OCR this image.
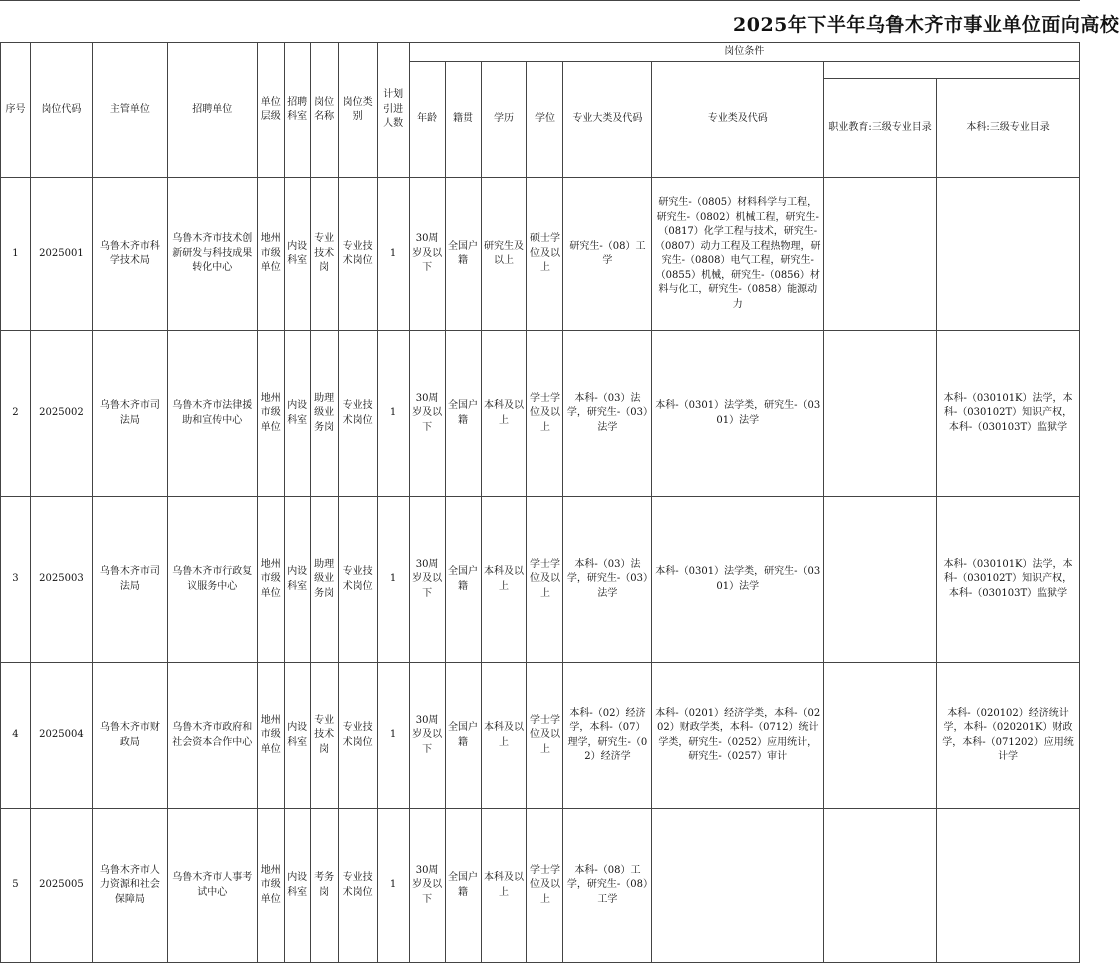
2025年下半年乌鲁木齐市事业单位面向高校
序号	岗位代码	主管单位	招聘单位	单位层级	招聘科室	岗位名称	岗位类别	计划引进人数	岗位条件							
									年龄	籍贯	学历	学位	专业大类及代码	专业类及代码		
															职业教育:三级专业目录	本科:三级专业目录
1	2025001	乌鲁木齐市科学技术局	乌鲁木齐市技术创新研发与科技成果转化中心	地州市级单位	内设科室	专业技术岗	专业技术岗位	1	30周岁及以下	全国户籍	研究生及以上	硕士学位及以上	研究生-（08）工学	研究生-（0805）材料科学与工程，研究生-（0802）机械工程，研究生-（0817）化学工程与技术，研究生-（0807）动力工程及工程热物理，研究生-（0808）电气工程，研究生-（0855）机械，研究生-（0856）材料与化工，研究生-（0858）能源动力		
2	2025002	乌鲁木齐市司法局	乌鲁木齐市法律援助和宣传中心	地州市级单位	内设科室	助理级业务岗	专业技术岗位	1	30周岁及以下	全国户籍	本科及以上	学士学位及以上	本科-（03）法学，研究生-（03）法学	本科-（0301）法学类，研究生-（0301）法学		本科-（030101K）法学，本科-（030102T）知识产权，本科-（030103T）监狱学
3	2025003	乌鲁木齐市司法局	乌鲁木齐市行政复议服务中心	地州市级单位	内设科室	助理级业务岗	专业技术岗位	1	30周岁及以下	全国户籍	本科及以上	学士学位及以上	本科-（03）法学，研究生-（03）法学	本科-（0301）法学类，研究生-（0301）法学		本科-（030101K）法学，本科-（030102T）知识产权，本科-（030103T）监狱学
4	2025004	乌鲁木齐市财政局	乌鲁木齐市政府和社会资本合作中心	地州市级单位	内设科室	专业技术岗	专业技术岗位	1	30周岁及以下	全国户籍	本科及以上	学士学位及以上	本科-（02）经济学，本科-（07）理学，研究生-（02）经济学	本科-（0201）经济学类，本科-（0202）财政学类，本科-（0712）统计学类，研究生-（0252）应用统计，研究生-（0257）审计		本科-（020102）经济统计学，本科-（020201K）财政学，本科-（071202）应用统计学
5	2025005	乌鲁木齐市人力资源和社会保障局	乌鲁木齐市人事考试中心	地州市级单位	内设科室	考务岗	专业技术岗位	1	30周岁及以下	全国户籍	本科及以上	学士学位及以上	本科-（08）工学，研究生-（08）工学			
